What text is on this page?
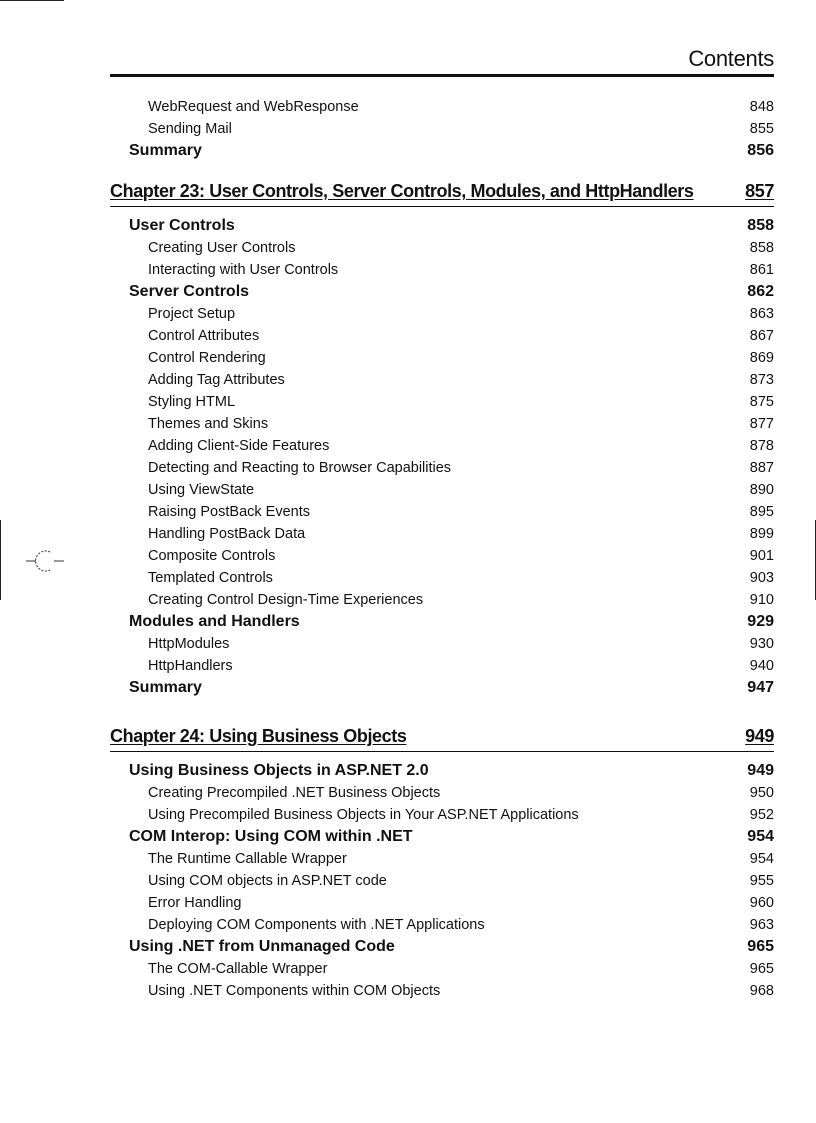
Contents
WebRequest and WebResponse	848
Sending Mail	855
Summary	856
Chapter 23: User Controls, Server Controls, Modules, and HttpHandlers	857
User Controls	858
Creating User Controls	858
Interacting with User Controls	861
Server Controls	862
Project Setup	863
Control Attributes	867
Control Rendering	869
Adding Tag Attributes	873
Styling HTML	875
Themes and Skins	877
Adding Client-Side Features	878
Detecting and Reacting to Browser Capabilities	887
Using ViewState	890
Raising PostBack Events	895
Handling PostBack Data	899
Composite Controls	901
Templated Controls	903
Creating Control Design-Time Experiences	910
Modules and Handlers	929
HttpModules	930
HttpHandlers	940
Summary	947
Chapter 24: Using Business Objects	949
Using Business Objects in ASP.NET 2.0	949
Creating Precompiled .NET Business Objects	950
Using Precompiled Business Objects in Your ASP.NET Applications	952
COM Interop: Using COM within .NET	954
The Runtime Callable Wrapper	954
Using COM objects in ASP.NET code	955
Error Handling	960
Deploying COM Components with .NET Applications	963
Using .NET from Unmanaged Code	965
The COM-Callable Wrapper	965
Using .NET Components within COM Objects	968
